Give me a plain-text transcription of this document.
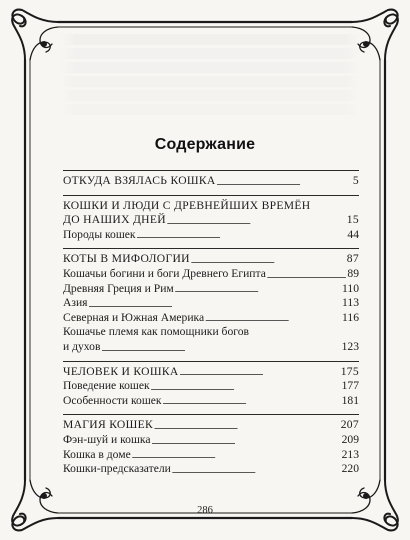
Содержание
ОТКУДА ВЗЯЛАСЬ КОШКА . . .	5
КОШКИ И ЛЮДИ С ДРЕВНЕЙШИХ ВРЕМЁН
ДО НАШИХ ДНЕЙ . . .	15
Породы кошек . . .	44
КОТЫ В МИФОЛОГИИ . . .	87
Кошачьи богини и боги Древнего Египта . . .	89
Древняя Греция и Рим . . .	110
Азия . . .	113
Северная и Южная Америка . . .	116
Кошачье племя как помощники богов
и духов . . .	123
ЧЕЛОВЕК И КОШКА . . .	175
Поведение кошек . . .	177
Особенности кошек . . .	181
МАГИЯ КОШЕК . . .	207
Фэн-шуй и кошка . . .	209
Кошка в доме . . .	213
Кошки-предсказатели . . .	220
286
